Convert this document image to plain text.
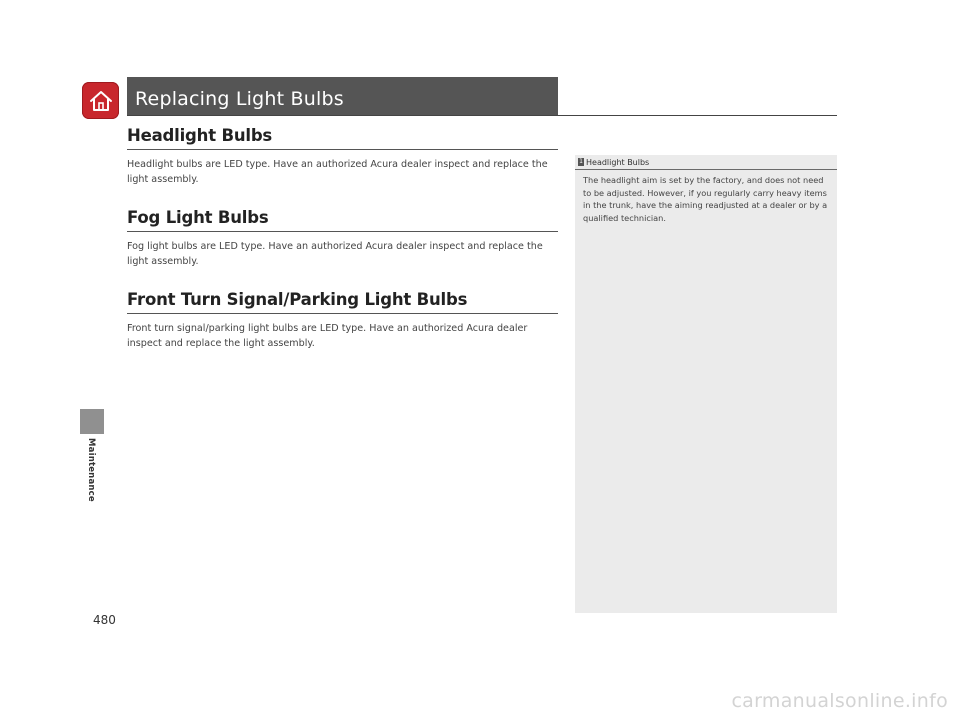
Replacing Light Bulbs
Headlight Bulbs

Headlight bulbs are LED type. Have an authorized Acura dealer inspect and replace the light assembly.

Fog Light Bulbs

Fog light bulbs are LED type. Have an authorized Acura dealer inspect and replace the light assembly.

Front Turn Signal/Parking Light Bulbs

Front turn signal/parking light bulbs are LED type. Have an authorized Acura dealer inspect and replace the light assembly.

1 Headlight Bulbs
The headlight aim is set by the factory, and does not need to be adjusted. However, if you regularly carry heavy items in the trunk, have the aiming readjusted at a dealer or by a qualified technician.
Maintenance
480
carmanualsonline.info
